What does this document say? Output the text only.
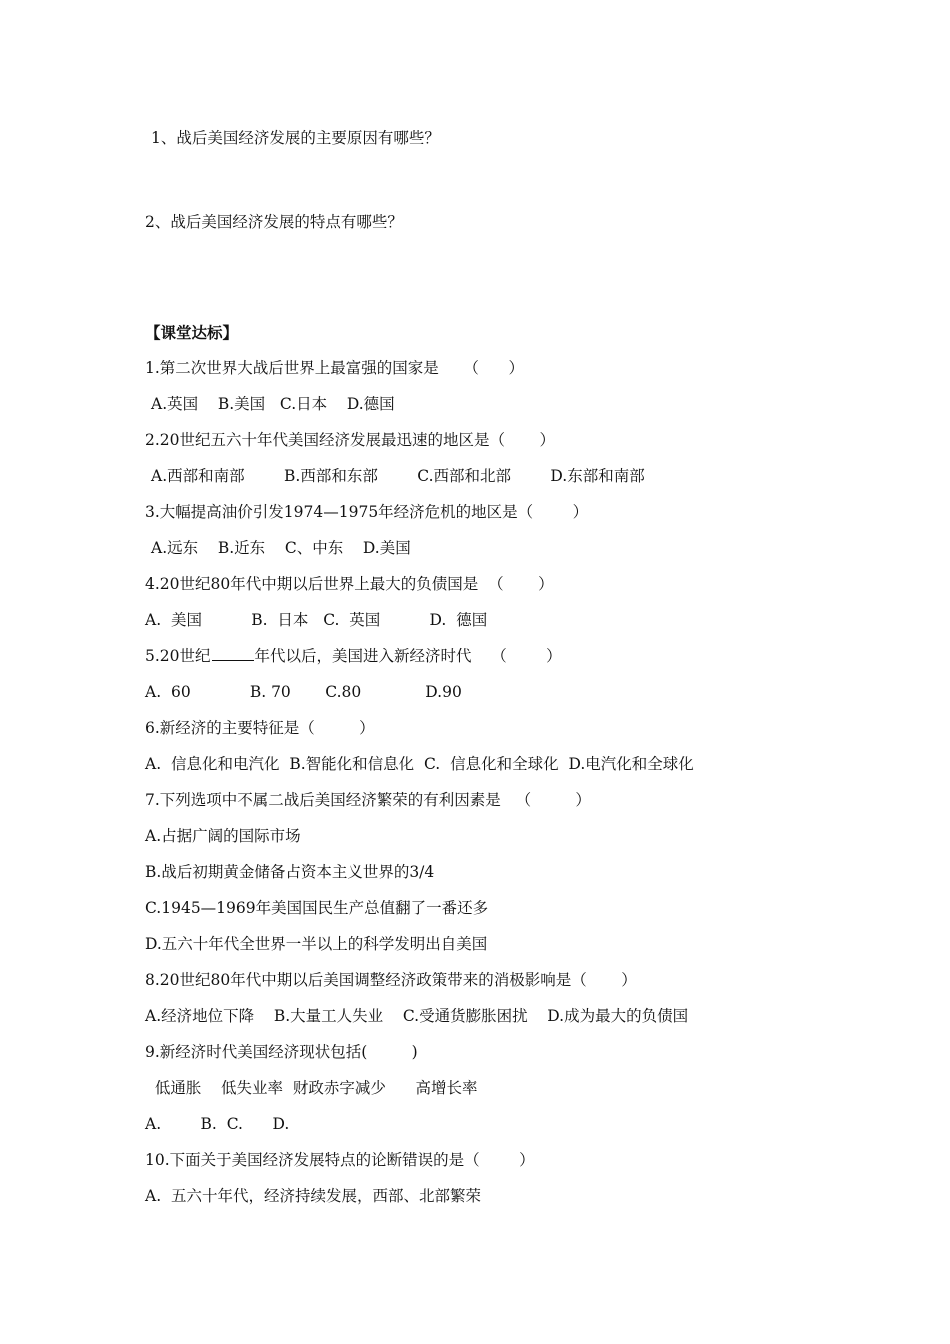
1、战后美国经济发展的主要原因有哪些？
2、战后美国经济发展的特点有哪些？
【课堂达标】
1.第二次世界大战后世界上最富强的国家是     （      ）
A.英国    B.美国   C.日本    D.德国
2.20世纪五六十年代美国经济发展最迅速的地区是（       ）
A.西部和南部        B.西部和东部        C.西部和北部        D.东部和南部
3.大幅提高油价引发1974—1975年经济危机的地区是（        ）
A.远东    B.近东    C、中东    D.美国
4.20世纪80年代中期以后世界上最大的负债国是  （       ）
A.  美国          B.  日本   C.  英国          D.  德国
5.20世纪	年代以后，美国进入新经济时代    （        ）
A.  60            B. 70       C.80             D.90
6.新经济的主要特征是（         ）
A.  信息化和电汽化  B.智能化和信息化  C.  信息化和全球化  D.电汽化和全球化
7.下列选项中不属二战后美国经济繁荣的有利因素是   （         ）
A.占据广阔的国际市场
B.战后初期黄金储备占资本主义世界的3/4
C.1945—1969年美国国民生产总值翻了一番还多
D.五六十年代全世界一半以上的科学发明出自美国
8.20世纪80年代中期以后美国调整经济政策带来的消极影响是（       ）
A.经济地位下降    B.大量工人失业    C.受通货膨胀困扰    D.成为最大的负债国
9.新经济时代美国经济现状包括(         )
低通胀    低失业率  财政赤字减少      高增长率
A.        B.  C.      D.
10.下面关于美国经济发展特点的论断错误的是（        ）
A.  五六十年代，经济持续发展，西部、北部繁荣
